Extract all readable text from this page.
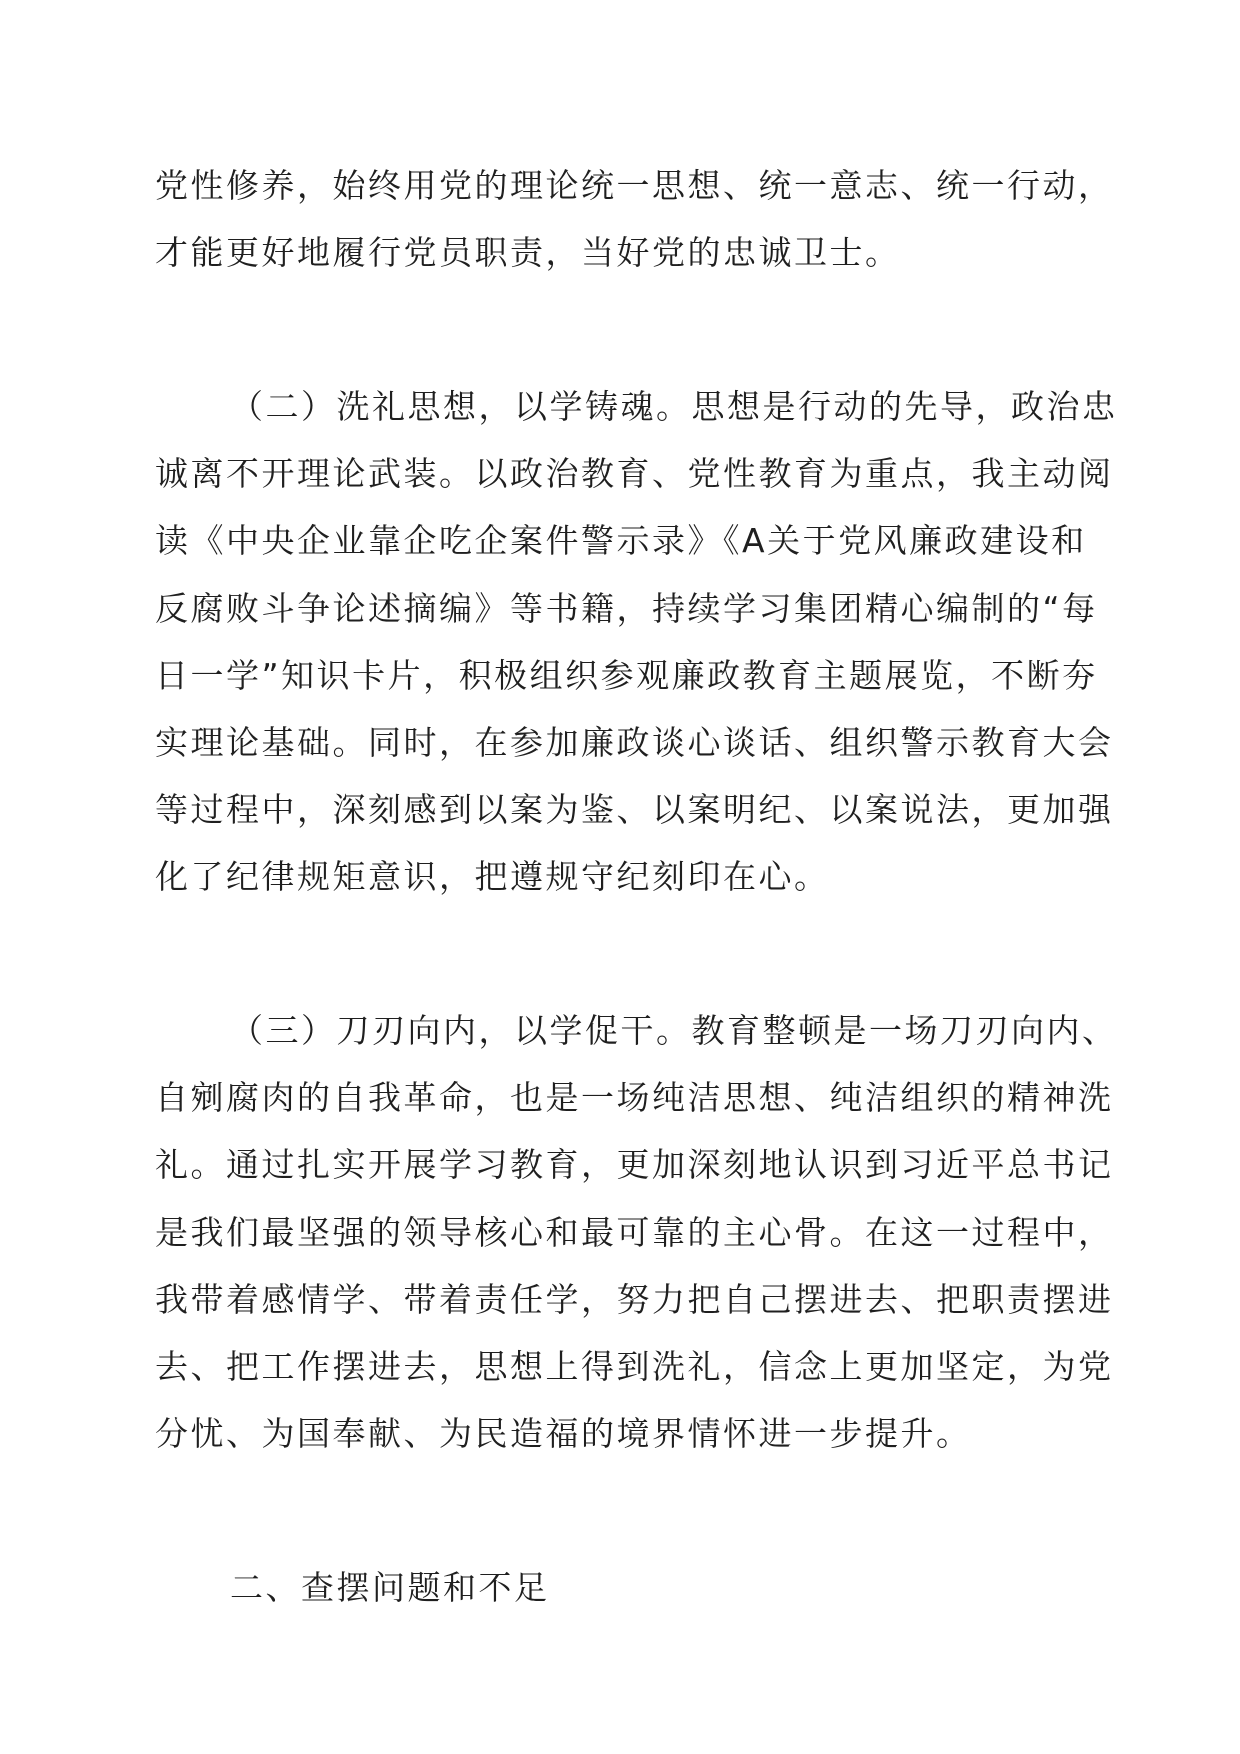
党性修养，始终用党的理论统一思想、统一意志、统一行动，
才能更好地履行党员职责，当好党的忠诚卫士。
（二）洗礼思想，以学铸魂。思想是行动的先导，政治忠
诚离不开理论武装。以政治教育、党性教育为重点，我主动阅
读《中央企业靠企吃企案件警示录》《A关于党风廉政建设和
反腐败斗争论述摘编》等书籍，持续学习集团精心编制的“每
日一学”知识卡片，积极组织参观廉政教育主题展览，不断夯
实理论基础。同时，在参加廉政谈心谈话、组织警示教育大会
等过程中，深刻感到以案为鉴、以案明纪、以案说法，更加强
化了纪律规矩意识，把遵规守纪刻印在心。
（三）刀刃向内，以学促干。教育整顿是一场刀刃向内、
自剜腐肉的自我革命，也是一场纯洁思想、纯洁组织的精神洗
礼。通过扎实开展学习教育，更加深刻地认识到习近平总书记
是我们最坚强的领导核心和最可靠的主心骨。在这一过程中，
我带着感情学、带着责任学，努力把自己摆进去、把职责摆进
去、把工作摆进去，思想上得到洗礼，信念上更加坚定，为党
分忧、为国奉献、为民造福的境界情怀进一步提升。
二、查摆问题和不足
